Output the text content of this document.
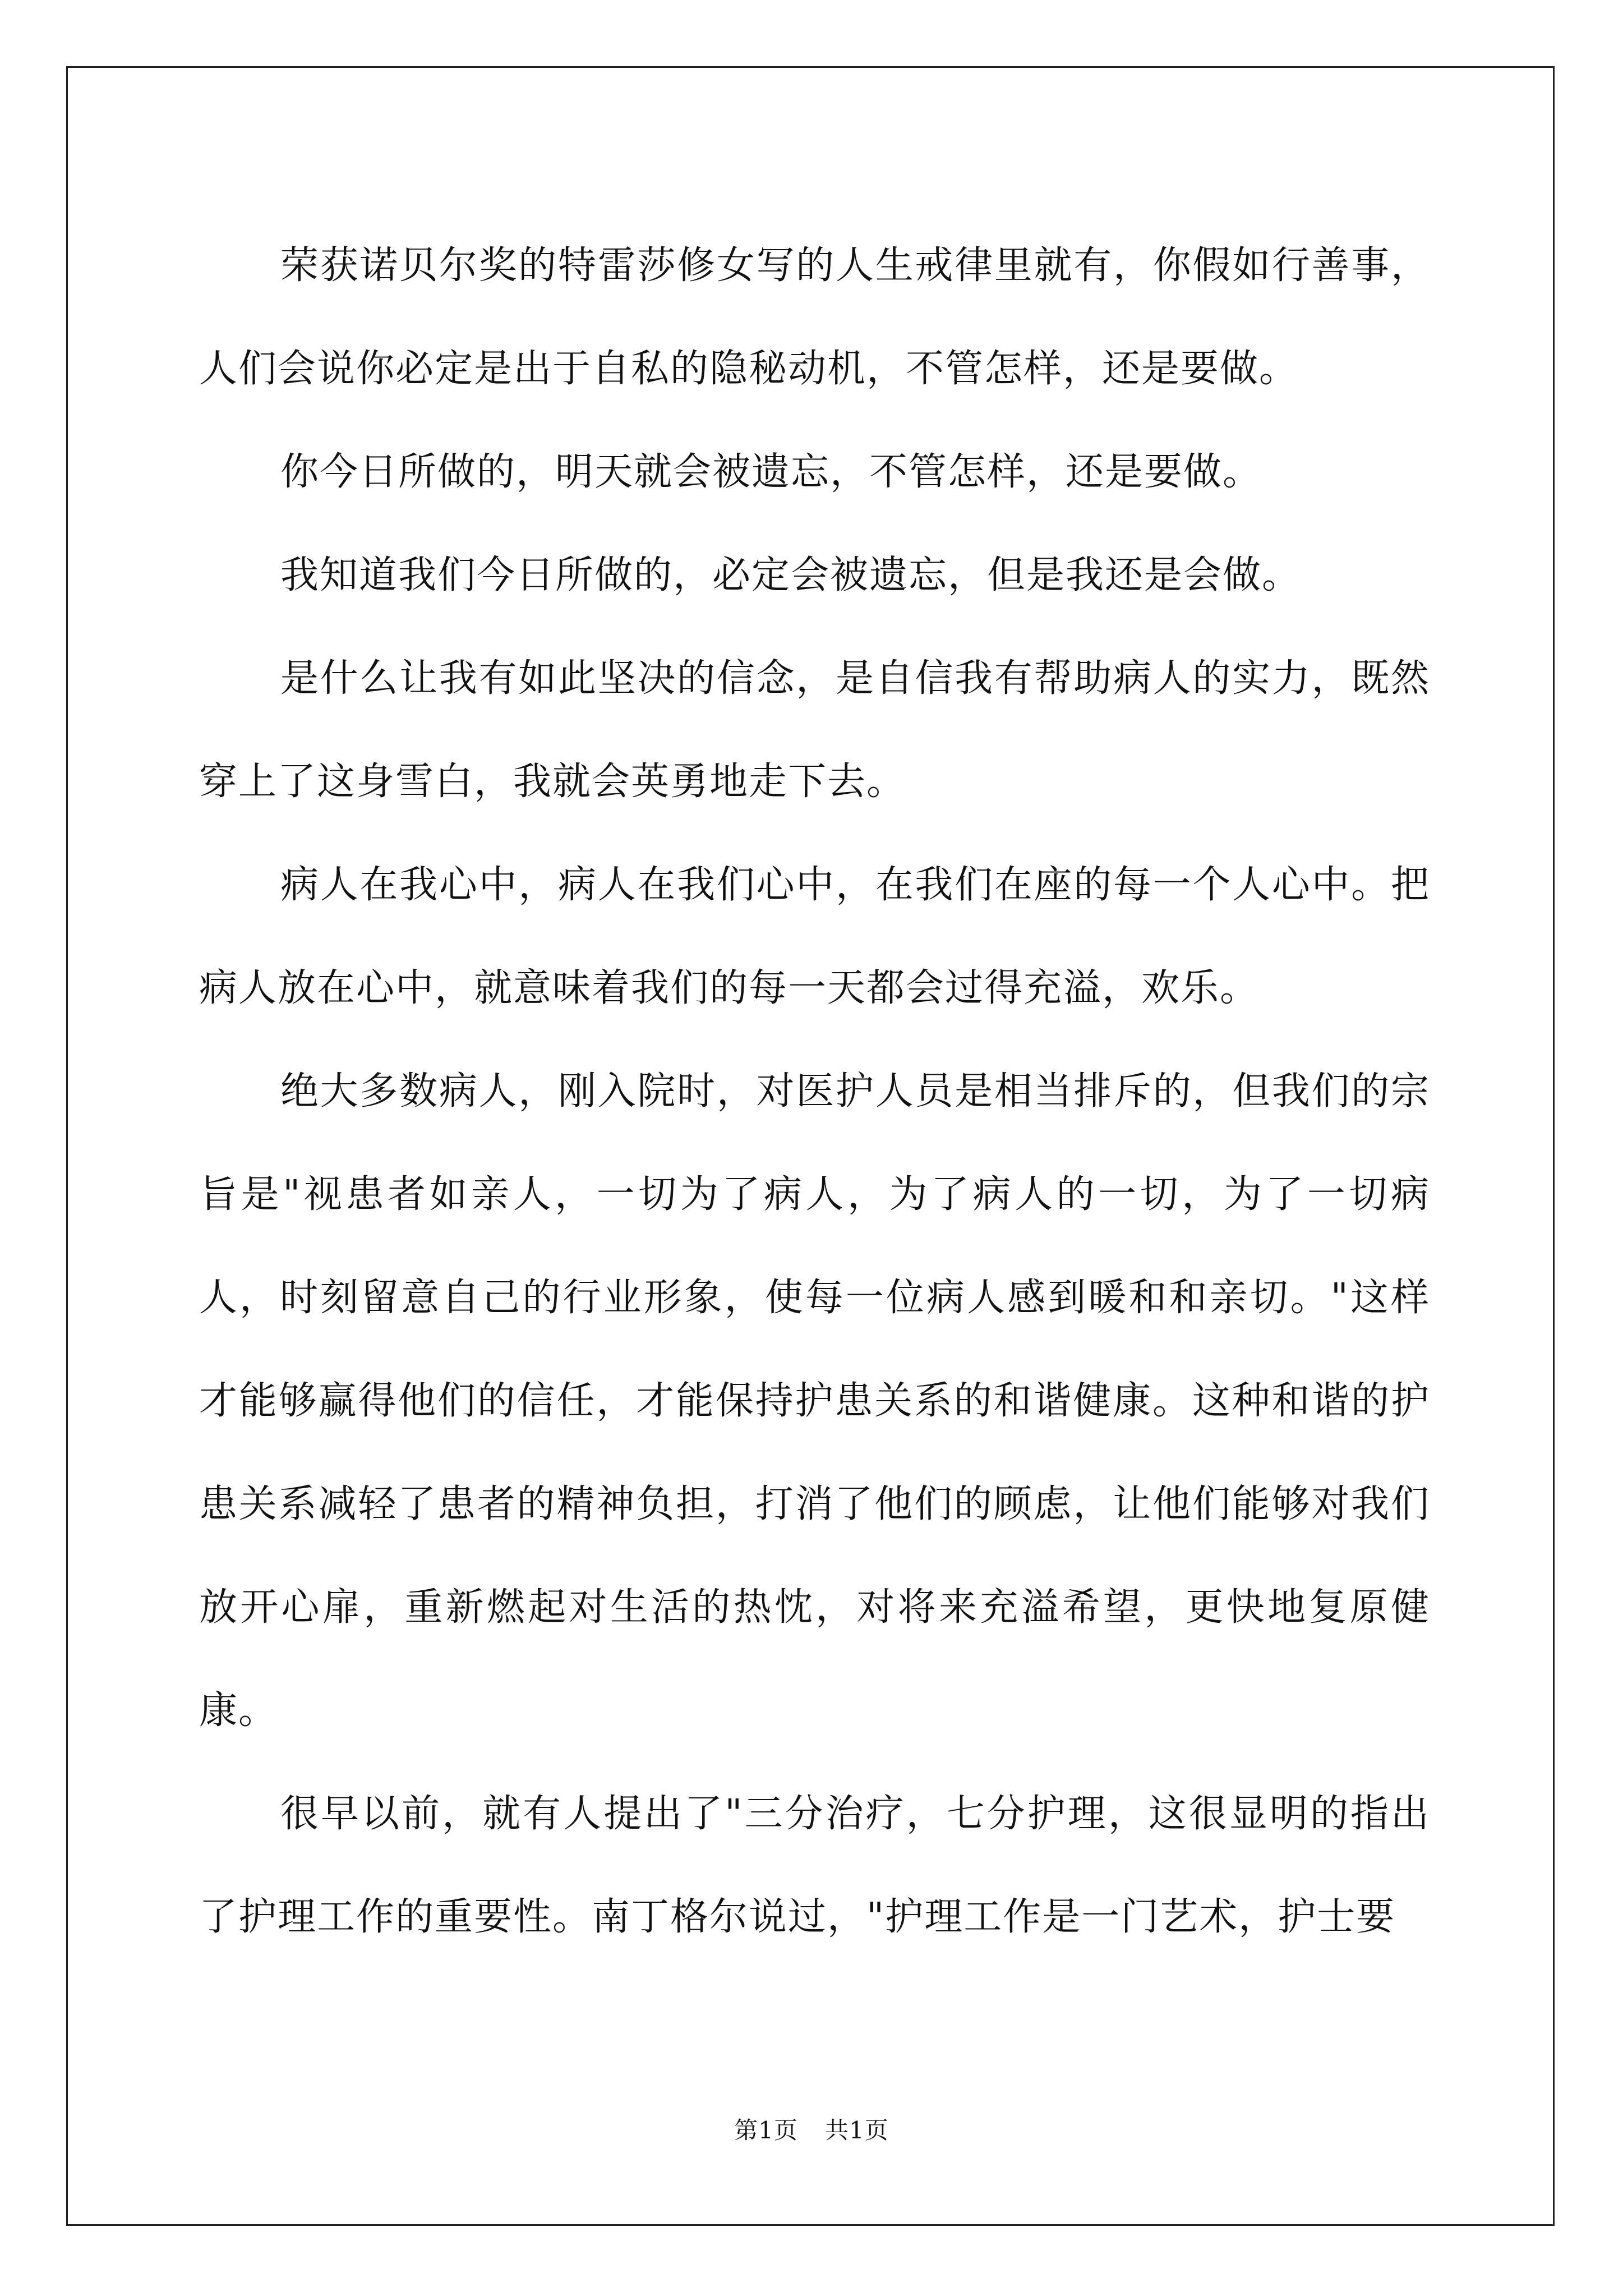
荣获诺贝尔奖的特雷莎修女写的人生戒律里就有，你假如行善事，人们会说你必定是出于自私的隐秘动机，不管怎样，还是要做。

你今日所做的，明天就会被遗忘，不管怎样，还是要做。

我知道我们今日所做的，必定会被遗忘，但是我还是会做。

是什么让我有如此坚决的信念，是自信我有帮助病人的实力，既然穿上了这身雪白，我就会英勇地走下去。

病人在我心中，病人在我们心中，在我们在座的每一个人心中。把病人放在心中，就意味着我们的每一天都会过得充溢，欢乐。

绝大多数病人，刚入院时，对医护人员是相当排斥的，但我们的宗旨是"视患者如亲人，一切为了病人，为了病人的一切，为了一切病人，时刻留意自己的行业形象，使每一位病人感到暖和和亲切。"这样才能够赢得他们的信任，才能保持护患关系的和谐健康。这种和谐的护患关系减轻了患者的精神负担，打消了他们的顾虑，让他们能够对我们放开心扉，重新燃起对生活的热忱，对将来充溢希望，更快地复原健康。

很早以前，就有人提出了"三分治疗，七分护理，这很显明的指出了护理工作的重要性。南丁格尔说过，"护理工作是一门艺术，护士要

第1页 共1页
